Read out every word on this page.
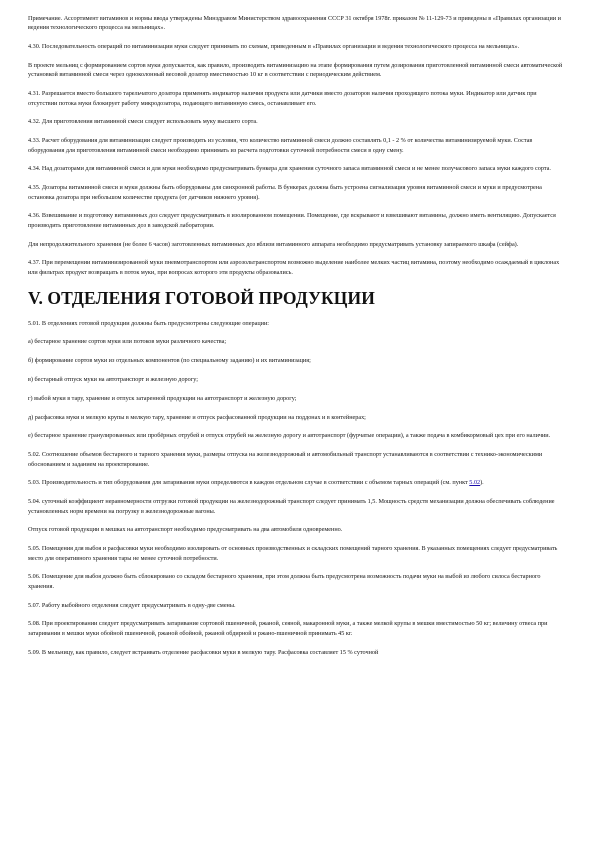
Примечание. Ассортимент витаминов и нормы ввода утверждены Минздравом Министерством здравоохранения СССР 31 октября 1978г. приказом № 11-129-73 и приведены в «Правилах организации и ведения технологического процесса на мельницах».

4.30. Последовательность операций по витаминизации муки следует принимать по схемам, приведенным в «Правилах организации и ведения технологического процесса на мельницах».

В проекте мельниц с формированием сортов муки допускается, как правило, производить витаминизацию на этапе формирования путем дозирования приготовленной витаминной смеси автоматической установкой витаминной смеси через одноколонный весовой дозатор вместимостью 10 кг в соответствии с периодическим действием.

4.31. Разрешается вместо большого тарельчатого дозатора применять индикатор наличия продукта или датчики вместо дозаторов наличия проходящего потока муки. Индикатор или датчик при отсутствии потока муки блокирует работу микродозатора, подающего витаминную смесь, останавливает его.

4.32. Для приготовления витаминной смеси следует использовать муку высшего сорта.

4.33. Расчет оборудования для витаминизации следует производить из условия, что количество витаминной смеси должно составлять 0,1 - 2 % от количества витаминизируемой муки. Состав оборудования для приготовления витаминной смеси необходимо принимать из расчета подготовки суточной потребности смеси в одну смену.

4.34. Над дозаторами для витаминной смеси и для муки необходимо предусматривать бункера для хранения суточного запаса витаминной смеси и не менее получасового запаса муки каждого сорта.

4.35. Дозаторы витаминной смеси и муки должны быть оборудованы для синхронной работы. В бункерах должна быть устроена сигнализация уровня витаминной смеси и муки и предусмотрена остановка дозатора при небольшом количестве продукта (от датчиков нижнего уровня).

4.36. Взвешивание и подготовку витаминных доз следует предусматривать в изолированном помещении. Помещение, где вскрывают и взвешивают витамины, должно иметь вентиляцию. Допускается производить приготовление витаминных доз в заводской лаборатории.

Для непродолжительного хранения (не более 6 часов) заготовленных витаминных доз вблизи витаминного аппарата необходимо предусматривать установку запираемого шкафа (сейфа).

4.37. При перемещении витаминизированной муки пневмотранспортом или аэрозольтранспортом возможно выделение наиболее мелких частиц витамина, поэтому необходимо осаждаемый в циклонах или фильтрах продукт возвращать в поток муки, при вопросах которого эти продукты образовались.

V. ОТДЕЛЕНИЯ ГОТОВОЙ ПРОДУКЦИИ

5.01. В отделениях готовой продукции должны быть предусмотрены следующие операции:

а) бестарное хранение сортов муки или потоков муки различного качества;

б) формирование сортов муки из отдельных компонентов (по специальному заданию) и их витаминизация;

в) бестарный отпуск муки на автотранспорт и железную дорогу;

г) выбой муки в тару, хранение и отпуск затаренной продукции на автотранспорт и железную дорогу;

д) расфасовка муки и мелкую крупы в мелкую тару, хранение и отпуск расфасованной продукции на поддонах и в контейнерах;

е) бестарное хранение гранулированных или пробёрных отрубей и отпуск отрубей на железную дорогу и автотранспорт (фурчатые операции), а также подача в комбикормовый цех при его наличии.

5.02. Соотношение объемов бестарного и тарного хранения муки, размеры отпуска на железнодорожный и автомобильный транспорт устанавливаются в соответствии с технико-экономическими обоснованием и заданием на проектирование.

5.03. Производительность и тип оборудования для затаривания муки определяются в каждом отдельном случае в соответствии с объемом тарных операций (см. пункт 5.02).

5.04. суточный коэффициент неравномерности отгрузки готовой продукции на железнодорожный транспорт следует принимать 1,5. Мощность средств механизации должна обеспечивать соблюдение установленных норм времени на погрузку в железнодорожные вагоны.

Отпуск готовой продукции в мешках на автотранспорт необходимо предусматривать на два автомобиля одновременно.

5.05. Помещения для выбоя и расфасовки муки необходимо изолировать от основных производственных и складских помещений тарного хранения. В указанных помещениях следует предусматривать место для оперативного хранения тары не менее суточной потребности.

5.06. Помещение для выбоя должно быть сблокировано со складом бестарного хранения, при этом должна быть предусмотрена возможность подачи муки на выбой из любого силоса бестарного хранения.

5.07. Работу выбойного отделения следует предусматривать в одну-две смены.

5.08. При проектировании следует предусматривать затаривание сортовой пшеничной, ржаной, сеяной, макаронной муки, а также мелкой крупы в мешки вместимостью 50 кг; величину отвеса при затаривании в мешки муки обойной пшеничной, ржаной обойной, ржаной обдирной и ржано-пшеничной принимать 45 кг.

5.09. В мельницу, как правило, следует встраивать отделение расфасовки муки в мелкую тару. Расфасовка составляет 15 % суточной
